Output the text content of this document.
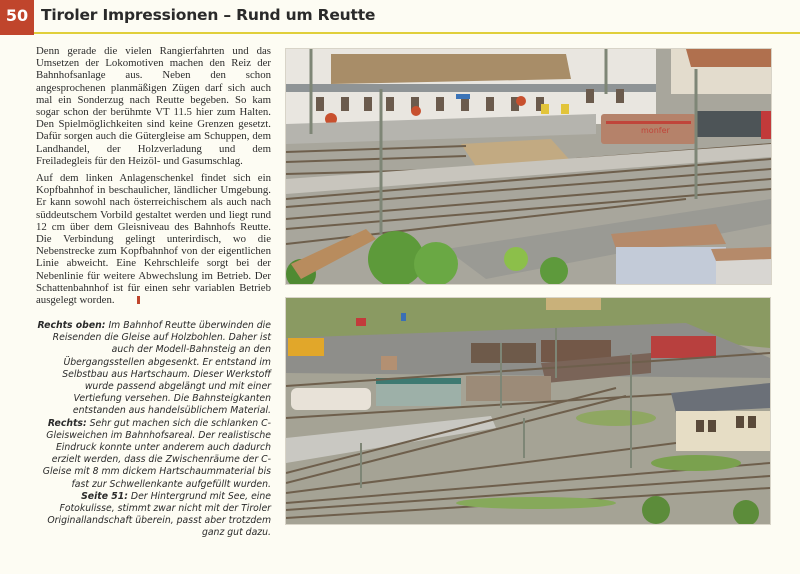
50 Tiroler Impressionen – Rund um Reutte

Denn gerade die vielen Rangierfahrten und das Umsetzen der Lokomotiven machen den Reiz der Bahnhofsanlage aus. Neben den schon angesprochenen planmäßigen Zügen darf sich auch mal ein Sonderzug nach Reutte begeben. So kam sogar schon der berühmte VT 11.5 hier zum Halten. Den Spielmöglichkeiten sind keine Grenzen gesetzt. Dafür sorgen auch die Gütergleise am Schuppen, dem Landhandel, der Holzverladung und dem Freiladegleis für den Heizöl- und Gasumschlag.

Auf dem linken Anlagenschenkel findet sich ein Kopfbahnhof in beschaulicher, ländlicher Umgebung. Er kann sowohl nach österreichischem als auch nach süddeutschem Vorbild gestaltet werden und liegt rund 12 cm über dem Gleisniveau des Bahnhofs Reutte. Die Verbindung gelingt unterirdisch, wo die Nebenstrecke zum Kopfbahnhof von der eigentlichen Linie abweicht. Eine Kehrschleife sorgt bei der Nebenlinie für weitere Abwechslung im Betrieb. Der Schattenbahnhof ist für einen sehr variablen Betrieb ausgelegt worden.

Rechts oben: Im Bahnhof Reutte überwinden die Reisenden die Gleise auf Holzbohlen. Daher ist auch der Modell-Bahnsteig an den Übergangsstellen abgesenkt. Er entstand im Selbstbau aus Hartschaum. Dieser Werkstoff wurde passend abgelängt und mit einer Vertiefung versehen. Die Bahnsteigkanten entstanden aus handelsüblichem Material.

Rechts: Sehr gut machen sich die schlanken C-Gleisweichen im Bahnhofsareal. Der realistische Eindruck konnte unter anderem auch dadurch erzielt werden, dass die Zwischenräume der C-Gleise mit 8 mm dickem Hartschaummaterial bis fast zur Schwellenkante aufgefüllt wurden.

Seite 51: Der Hintergrund mit See, eine Fotokulisse, stimmt zwar nicht mit der Tiroler Originallandschaft überein, passt aber trotzdem ganz gut dazu.

monfer
